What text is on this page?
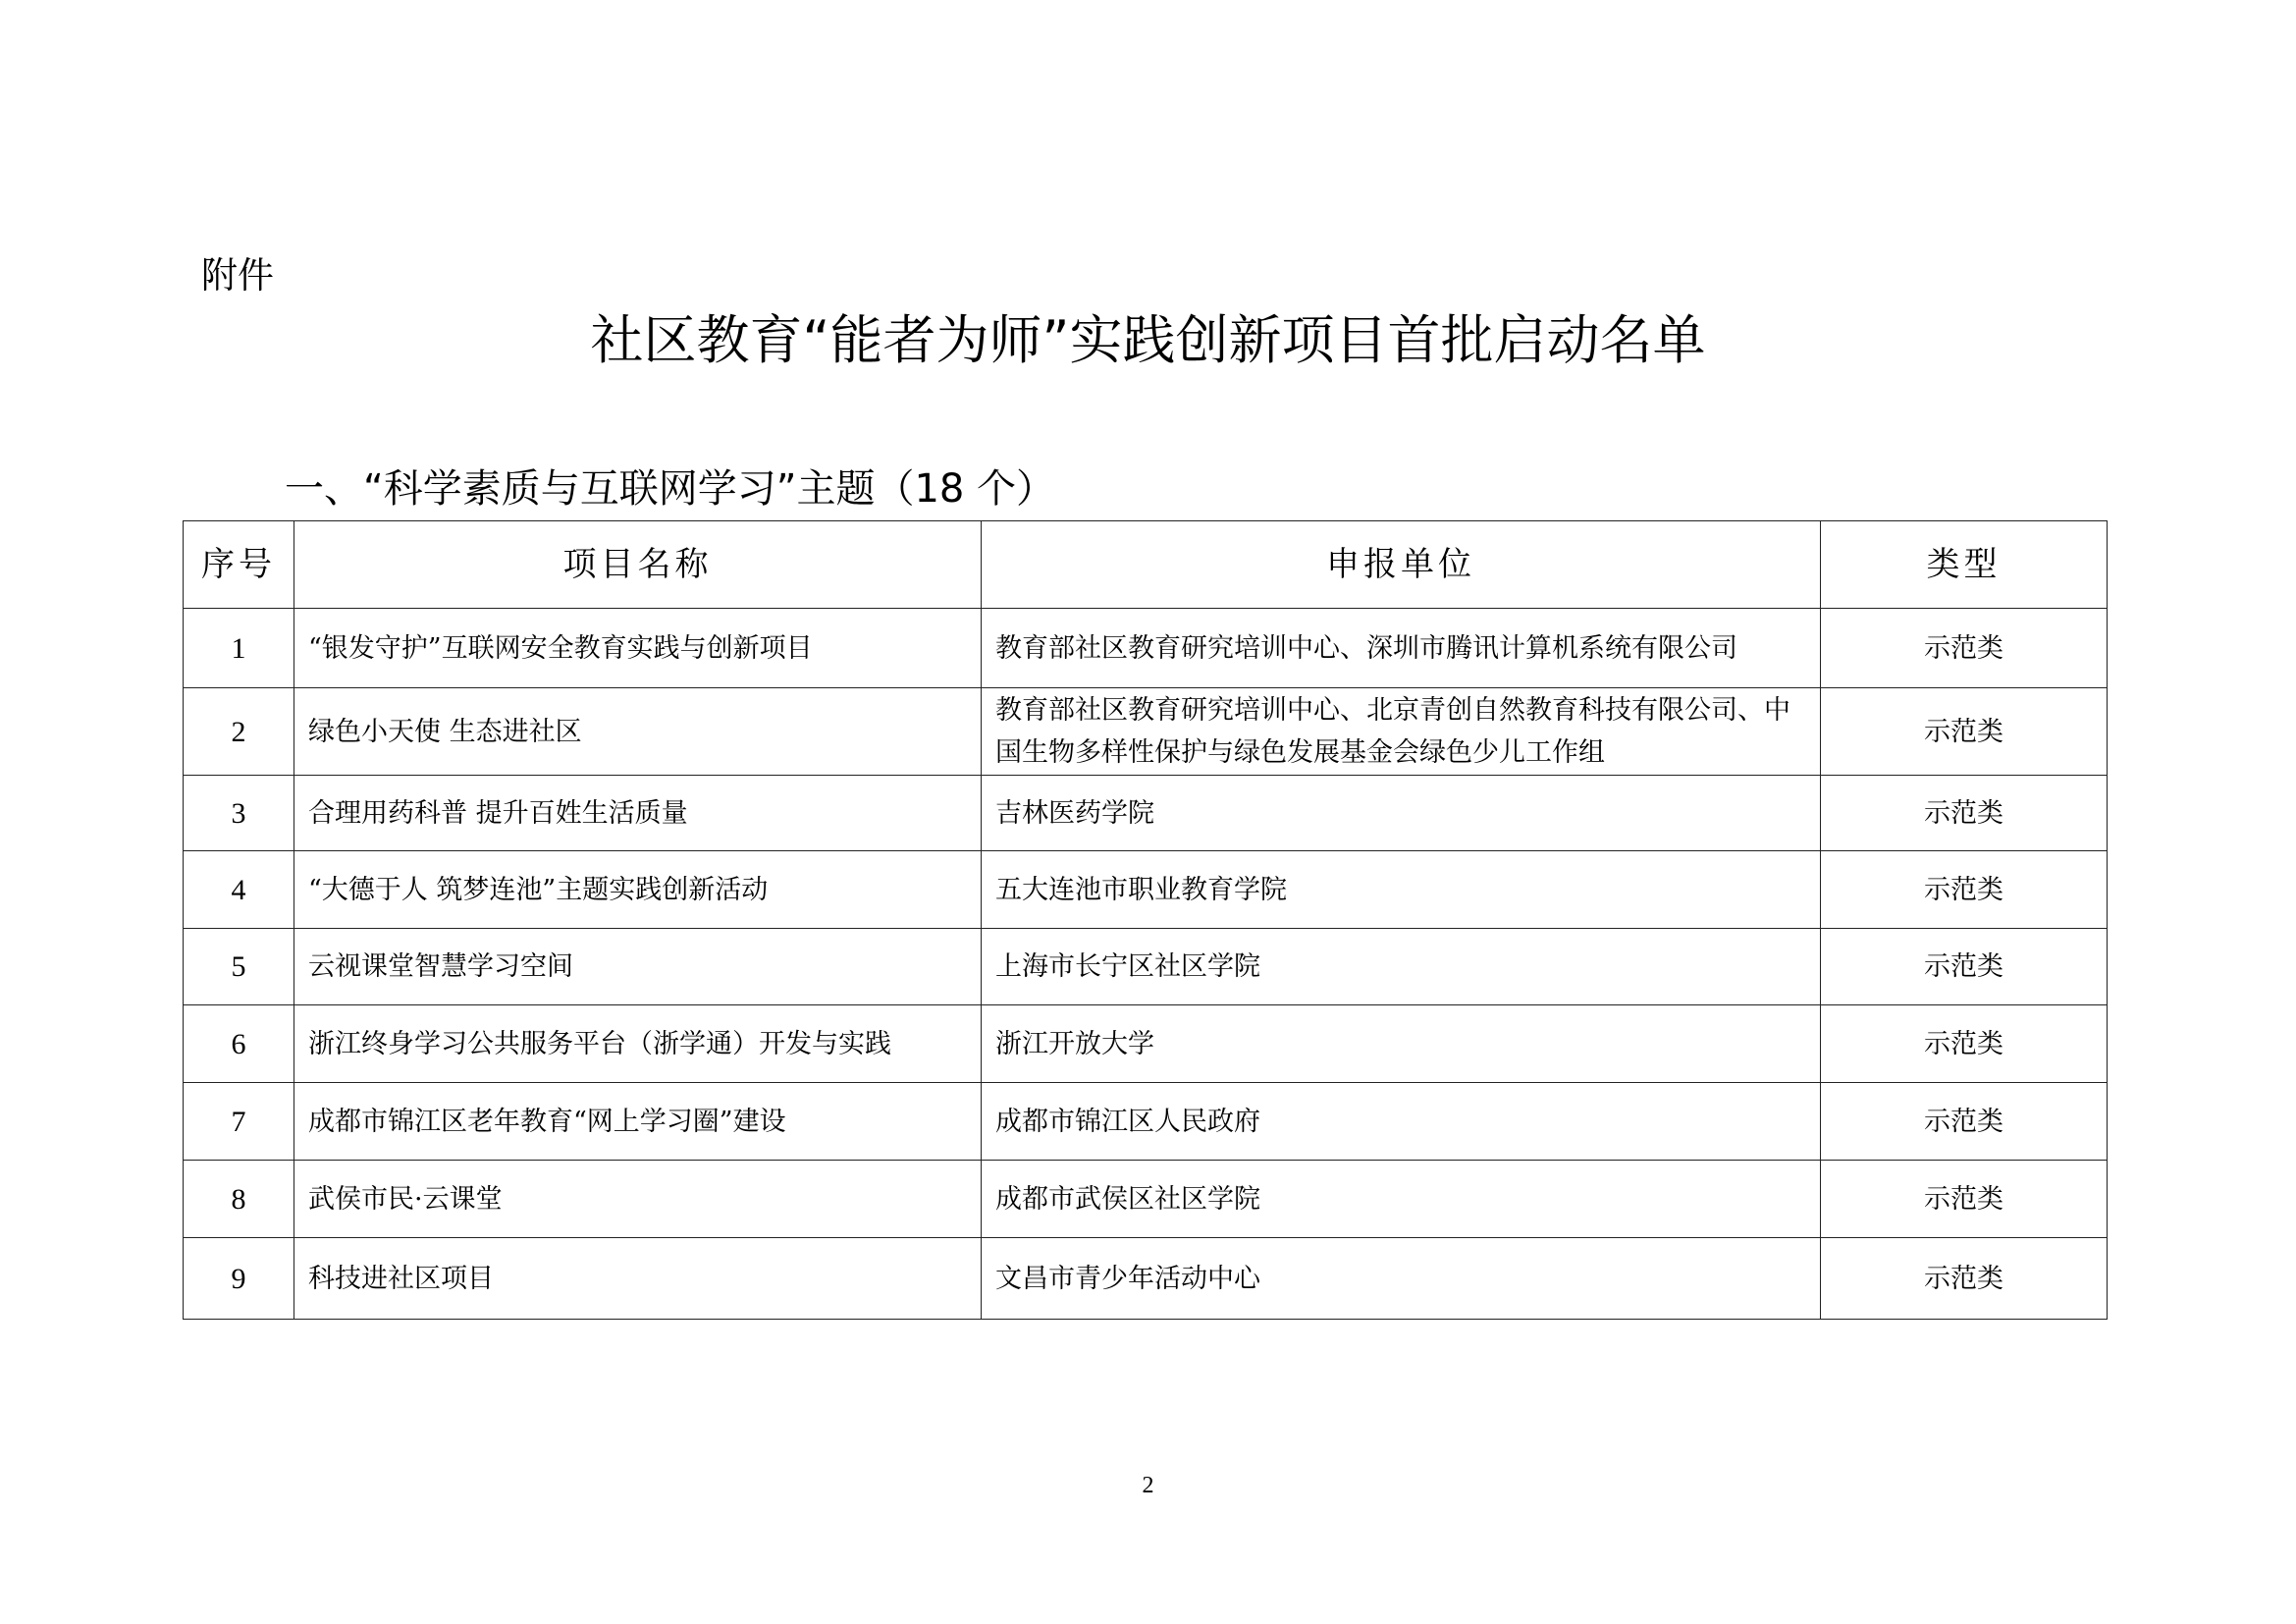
附件
社区教育“能者为师”实践创新项目首批启动名单
一、“科学素质与互联网学习”主题（18 个）
序号	项目名称	申报单位	类型
1	“银发守护”互联网安全教育实践与创新项目	教育部社区教育研究培训中心、深圳市腾讯计算机系统有限公司	示范类
2	绿色小天使 生态进社区	教育部社区教育研究培训中心、北京青创自然教育科技有限公司、中国生物多样性保护与绿色发展基金会绿色少儿工作组	示范类
3	合理用药科普 提升百姓生活质量	吉林医药学院	示范类
4	“大德于人 筑梦连池”主题实践创新活动	五大连池市职业教育学院	示范类
5	云视课堂智慧学习空间	上海市长宁区社区学院	示范类
6	浙江终身学习公共服务平台（浙学通）开发与实践	浙江开放大学	示范类
7	成都市锦江区老年教育“网上学习圈”建设	成都市锦江区人民政府	示范类
8	武侯市民·云课堂	成都市武侯区社区学院	示范类
9	科技进社区项目	文昌市青少年活动中心	示范类
2
